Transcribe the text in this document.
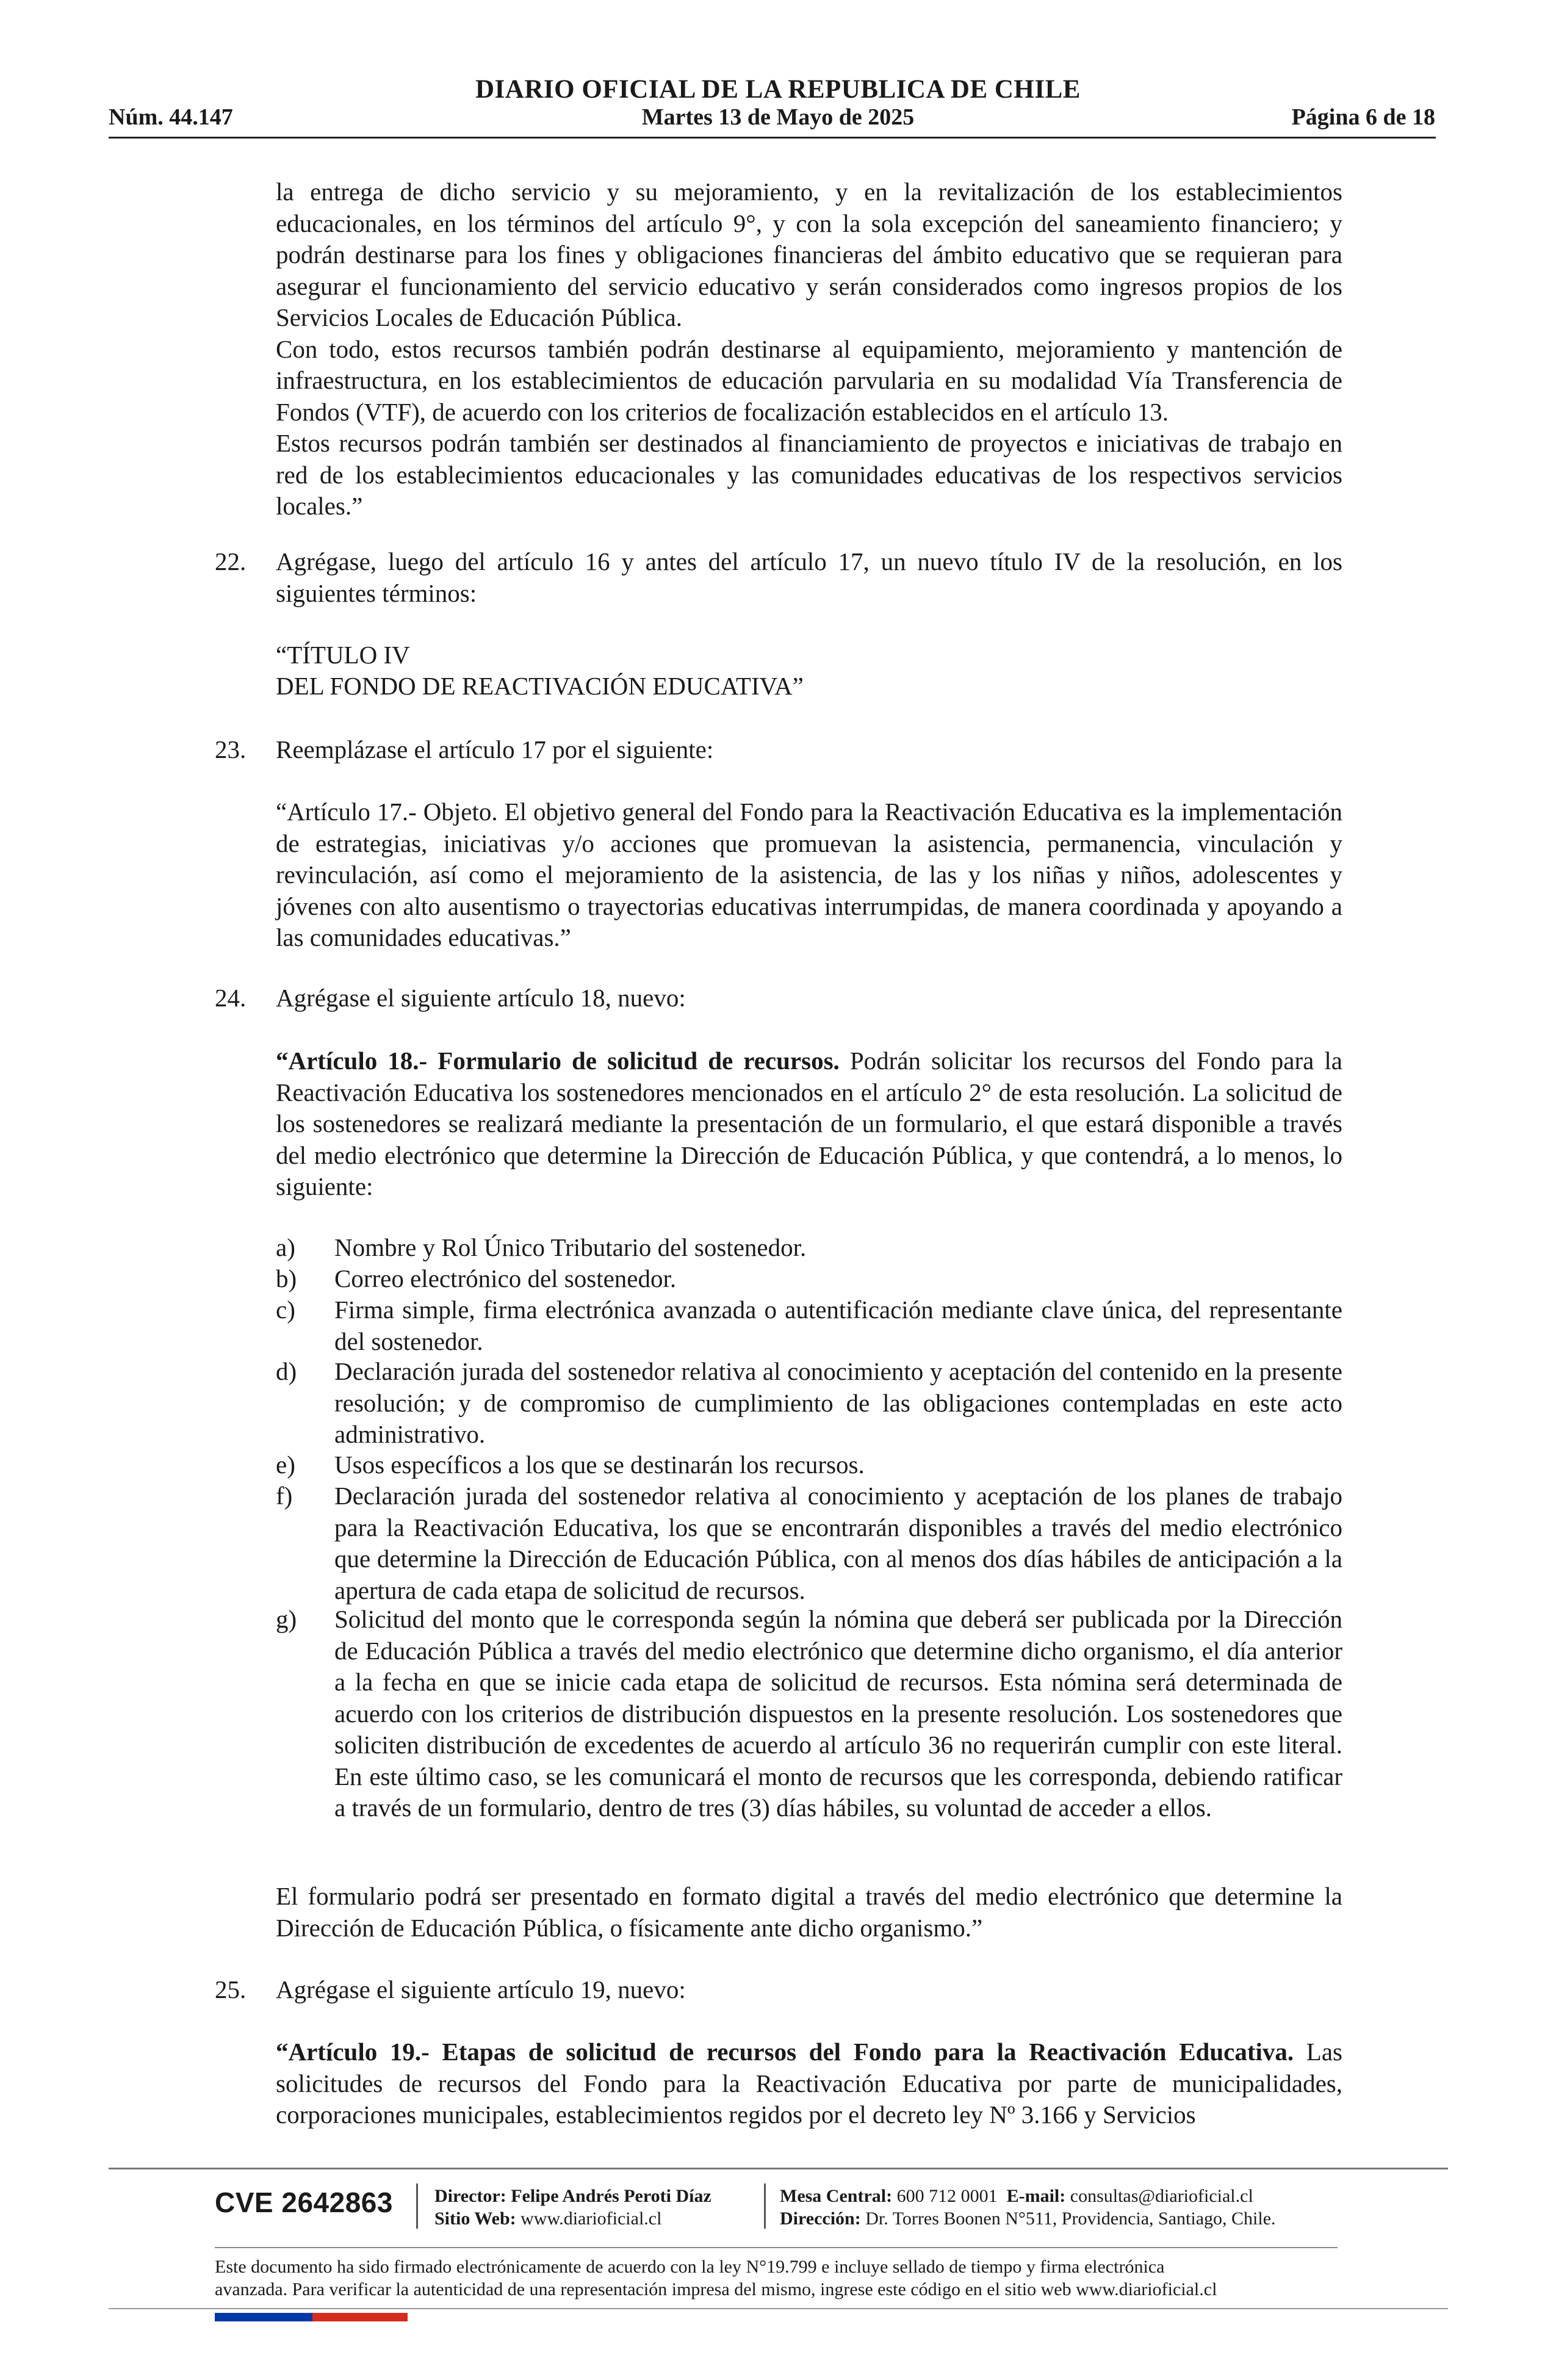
DIARIO OFICIAL DE LA REPUBLICA DE CHILE
Núm. 44.147	Martes 13 de Mayo de 2025	Página 6 de 18

la entrega de dicho servicio y su mejoramiento, y en la revitalización de los establecimientos educacionales, en los términos del artículo 9°, y con la sola excepción del saneamiento financiero; y podrán destinarse para los fines y obligaciones financieras del ámbito educativo que se requieran para asegurar el funcionamiento del servicio educativo y serán considerados como ingresos propios de los Servicios Locales de Educación Pública.

Con todo, estos recursos también podrán destinarse al equipamiento, mejoramiento y mantención de infraestructura, en los establecimientos de educación parvularia en su modalidad Vía Transferencia de Fondos (VTF), de acuerdo con los criterios de focalización establecidos en el artículo 13.

Estos recursos podrán también ser destinados al financiamiento de proyectos e iniciativas de trabajo en red de los establecimientos educacionales y las comunidades educativas de los respectivos servicios locales.”

22. Agrégase, luego del artículo 16 y antes del artículo 17, un nuevo título IV de la resolución, en los siguientes términos:

“TÍTULO IV

DEL FONDO DE REACTIVACIÓN EDUCATIVA”

23. Reemplázase el artículo 17 por el siguiente:

“Artículo 17.- Objeto. El objetivo general del Fondo para la Reactivación Educativa es la implementación de estrategias, iniciativas y/o acciones que promuevan la asistencia, permanencia, vinculación y revinculación, así como el mejoramiento de la asistencia, de las y los niñas y niños, adolescentes y jóvenes con alto ausentismo o trayectorias educativas interrumpidas, de manera coordinada y apoyando a las comunidades educativas.”

24. Agrégase el siguiente artículo 18, nuevo:

“Artículo 18.- Formulario de solicitud de recursos. Podrán solicitar los recursos del Fondo para la Reactivación Educativa los sostenedores mencionados en el artículo 2° de esta resolución. La solicitud de los sostenedores se realizará mediante la presentación de un formulario, el que estará disponible a través del medio electrónico que determine la Dirección de Educación Pública, y que contendrá, a lo menos, lo siguiente:

a) Nombre y Rol Único Tributario del sostenedor.
b) Correo electrónico del sostenedor.
c) Firma simple, firma electrónica avanzada o autentificación mediante clave única, del representante del sostenedor.
d) Declaración jurada del sostenedor relativa al conocimiento y aceptación del contenido en la presente resolución; y de compromiso de cumplimiento de las obligaciones contempladas en este acto administrativo.
e) Usos específicos a los que se destinarán los recursos.
f) Declaración jurada del sostenedor relativa al conocimiento y aceptación de los planes de trabajo para la Reactivación Educativa, los que se encontrarán disponibles a través del medio electrónico que determine la Dirección de Educación Pública, con al menos dos días hábiles de anticipación a la apertura de cada etapa de solicitud de recursos.
g) Solicitud del monto que le corresponda según la nómina que deberá ser publicada por la Dirección de Educación Pública a través del medio electrónico que determine dicho organismo, el día anterior a la fecha en que se inicie cada etapa de solicitud de recursos. Esta nómina será determinada de acuerdo con los criterios de distribución dispuestos en la presente resolución. Los sostenedores que soliciten distribución de excedentes de acuerdo al artículo 36 no requerirán cumplir con este literal. En este último caso, se les comunicará el monto de recursos que les corresponda, debiendo ratificar a través de un formulario, dentro de tres (3) días hábiles, su voluntad de acceder a ellos.

El formulario podrá ser presentado en formato digital a través del medio electrónico que determine la Dirección de Educación Pública, o físicamente ante dicho organismo.”

25. Agrégase el siguiente artículo 19, nuevo:

“Artículo 19.- Etapas de solicitud de recursos del Fondo para la Reactivación Educativa. Las solicitudes de recursos del Fondo para la Reactivación Educativa por parte de municipalidades, corporaciones municipales, establecimientos regidos por el decreto ley Nº 3.166 y Servicios

CVE 2642863 Director: Felipe Andrés Peroti Díaz
Sitio Web: www.diarioficial.cl
Mesa Central: 600 712 0001 E-mail: consultas@diarioficial.cl
Dirección: Dr. Torres Boonen N°511, Providencia, Santiago, Chile.
Este documento ha sido firmado electrónicamente de acuerdo con la ley N°19.799 e incluye sellado de tiempo y firma electrónica
avanzada. Para verificar la autenticidad de una representación impresa del mismo, ingrese este código en el sitio web www.diarioficial.cl
